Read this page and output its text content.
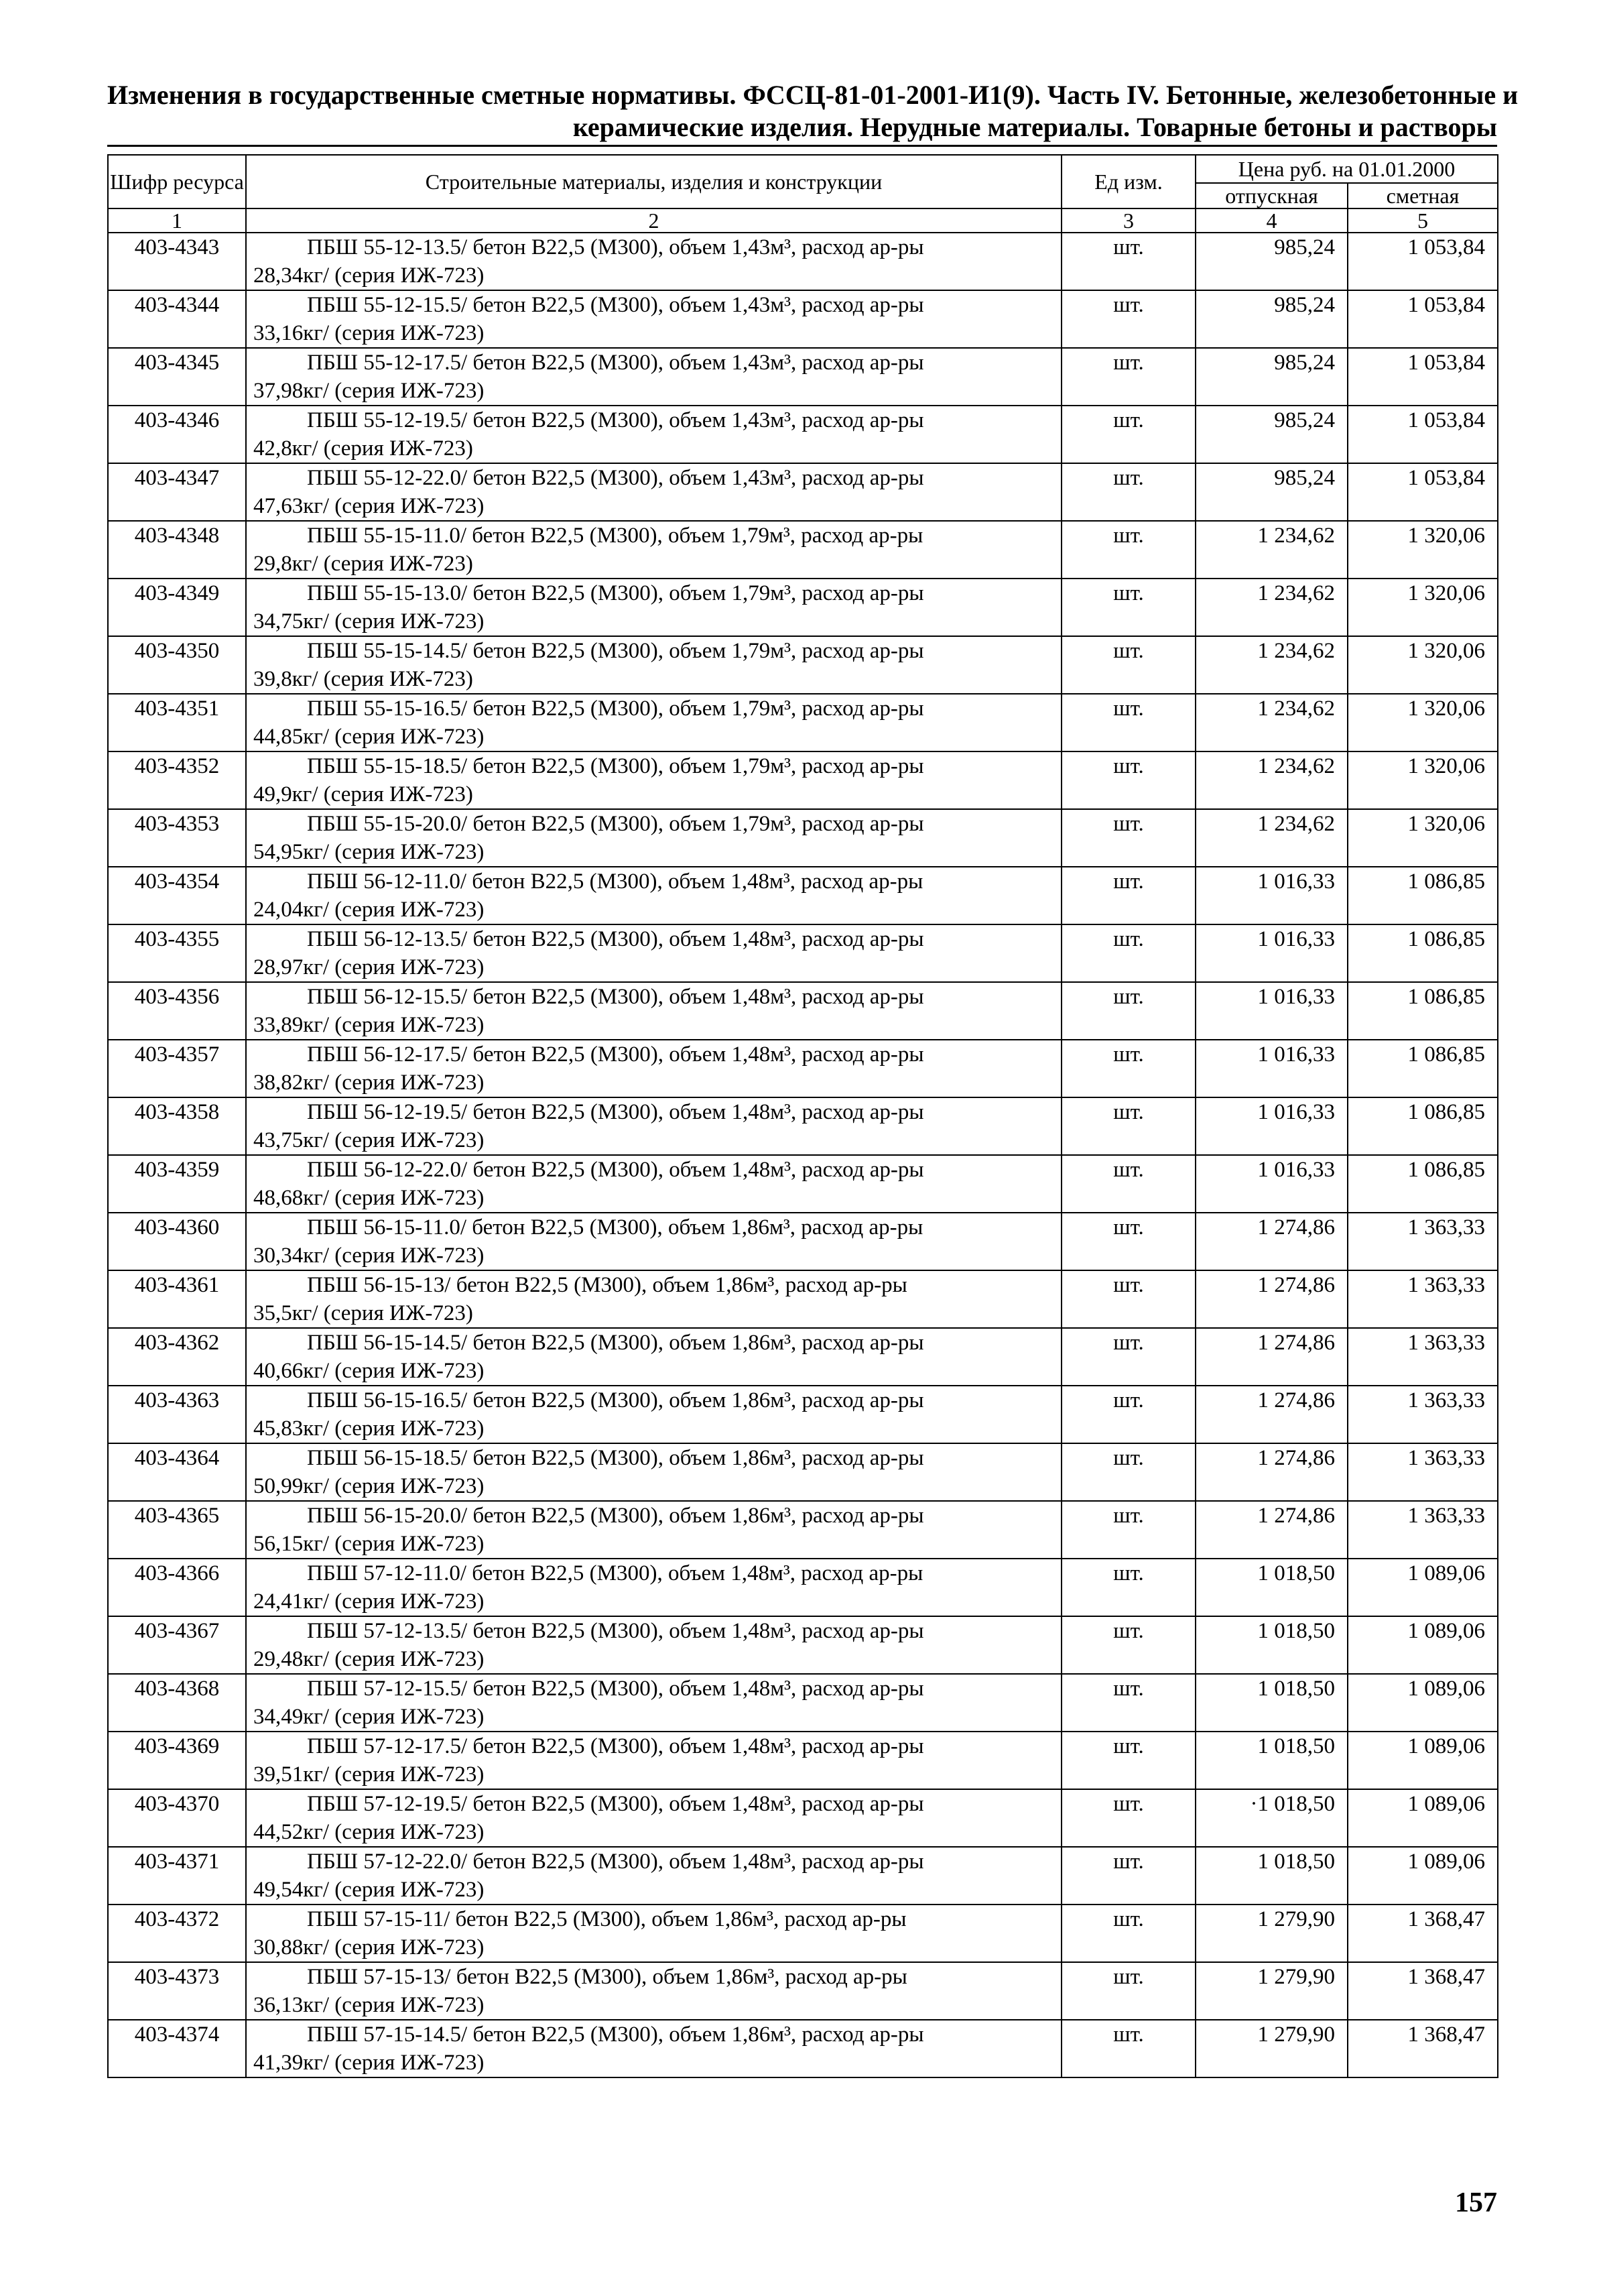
Изменения в государственные сметные нормативы. ФССЦ-81-01-2001-И1(9). Часть IV. Бетонные, железобетонные и
керамические изделия. Нерудные материалы. Товарные бетоны и растворы
Шифр ресурса	Строительные материалы, изделия и конструкции	Ед изм.	Цена руб. на 01.01.2000	
			отпускная	сметная
1	2	3	4	5
403-4343	ПБШ 55-12-13.5/ бетон В22,5 (М300), объем 1,43м³, расход ар-ры
28,34кг/ (серия ИЖ-723)	шт.	985,24	1 053,84
403-4344	ПБШ 55-12-15.5/ бетон В22,5 (М300), объем 1,43м³, расход ар-ры
33,16кг/ (серия ИЖ-723)	шт.	985,24	1 053,84
403-4345	ПБШ 55-12-17.5/ бетон В22,5 (М300), объем 1,43м³, расход ар-ры
37,98кг/ (серия ИЖ-723)	шт.	985,24	1 053,84
403-4346	ПБШ 55-12-19.5/ бетон В22,5 (М300), объем 1,43м³, расход ар-ры
42,8кг/ (серия ИЖ-723)	шт.	985,24	1 053,84
403-4347	ПБШ 55-12-22.0/ бетон В22,5 (М300), объем 1,43м³, расход ар-ры
47,63кг/ (серия ИЖ-723)	шт.	985,24	1 053,84
403-4348	ПБШ 55-15-11.0/ бетон В22,5 (М300), объем 1,79м³, расход ар-ры
29,8кг/ (серия ИЖ-723)	шт.	1 234,62	1 320,06
403-4349	ПБШ 55-15-13.0/ бетон В22,5 (М300), объем 1,79м³, расход ар-ры
34,75кг/ (серия ИЖ-723)	шт.	1 234,62	1 320,06
403-4350	ПБШ 55-15-14.5/ бетон В22,5 (М300), объем 1,79м³, расход ар-ры
39,8кг/ (серия ИЖ-723)	шт.	1 234,62	1 320,06
403-4351	ПБШ 55-15-16.5/ бетон В22,5 (М300), объем 1,79м³, расход ар-ры
44,85кг/ (серия ИЖ-723)	шт.	1 234,62	1 320,06
403-4352	ПБШ 55-15-18.5/ бетон В22,5 (М300), объем 1,79м³, расход ар-ры
49,9кг/ (серия ИЖ-723)	шт.	1 234,62	1 320,06
403-4353	ПБШ 55-15-20.0/ бетон В22,5 (М300), объем 1,79м³, расход ар-ры
54,95кг/ (серия ИЖ-723)	шт.	1 234,62	1 320,06
403-4354	ПБШ 56-12-11.0/ бетон В22,5 (М300), объем 1,48м³, расход ар-ры
24,04кг/ (серия ИЖ-723)	шт.	1 016,33	1 086,85
403-4355	ПБШ 56-12-13.5/ бетон В22,5 (М300), объем 1,48м³, расход ар-ры
28,97кг/ (серия ИЖ-723)	шт.	1 016,33	1 086,85
403-4356	ПБШ 56-12-15.5/ бетон В22,5 (М300), объем 1,48м³, расход ар-ры
33,89кг/ (серия ИЖ-723)	шт.	1 016,33	1 086,85
403-4357	ПБШ 56-12-17.5/ бетон В22,5 (М300), объем 1,48м³, расход ар-ры
38,82кг/ (серия ИЖ-723)	шт.	1 016,33	1 086,85
403-4358	ПБШ 56-12-19.5/ бетон В22,5 (М300), объем 1,48м³, расход ар-ры
43,75кг/ (серия ИЖ-723)	шт.	1 016,33	1 086,85
403-4359	ПБШ 56-12-22.0/ бетон В22,5 (М300), объем 1,48м³, расход ар-ры
48,68кг/ (серия ИЖ-723)	шт.	1 016,33	1 086,85
403-4360	ПБШ 56-15-11.0/ бетон В22,5 (М300), объем 1,86м³, расход ар-ры
30,34кг/ (серия ИЖ-723)	шт.	1 274,86	1 363,33
403-4361	ПБШ 56-15-13/ бетон В22,5 (М300), объем 1,86м³, расход ар-ры
35,5кг/ (серия ИЖ-723)	шт.	1 274,86	1 363,33
403-4362	ПБШ 56-15-14.5/ бетон В22,5 (М300), объем 1,86м³, расход ар-ры
40,66кг/ (серия ИЖ-723)	шт.	1 274,86	1 363,33
403-4363	ПБШ 56-15-16.5/ бетон В22,5 (М300), объем 1,86м³, расход ар-ры
45,83кг/ (серия ИЖ-723)	шт.	1 274,86	1 363,33
403-4364	ПБШ 56-15-18.5/ бетон В22,5 (М300), объем 1,86м³, расход ар-ры
50,99кг/ (серия ИЖ-723)	шт.	1 274,86	1 363,33
403-4365	ПБШ 56-15-20.0/ бетон В22,5 (М300), объем 1,86м³, расход ар-ры
56,15кг/ (серия ИЖ-723)	шт.	1 274,86	1 363,33
403-4366	ПБШ 57-12-11.0/ бетон В22,5 (М300), объем 1,48м³, расход ар-ры
24,41кг/ (серия ИЖ-723)	шт.	1 018,50	1 089,06
403-4367	ПБШ 57-12-13.5/ бетон В22,5 (М300), объем 1,48м³, расход ар-ры
29,48кг/ (серия ИЖ-723)	шт.	1 018,50	1 089,06
403-4368	ПБШ 57-12-15.5/ бетон В22,5 (М300), объем 1,48м³, расход ар-ры
34,49кг/ (серия ИЖ-723)	шт.	1 018,50	1 089,06
403-4369	ПБШ 57-12-17.5/ бетон В22,5 (М300), объем 1,48м³, расход ар-ры
39,51кг/ (серия ИЖ-723)	шт.	1 018,50	1 089,06
403-4370	ПБШ 57-12-19.5/ бетон В22,5 (М300), объем 1,48м³, расход ар-ры
44,52кг/ (серия ИЖ-723)	шт.	·1 018,50	1 089,06
403-4371	ПБШ 57-12-22.0/ бетон В22,5 (М300), объем 1,48м³, расход ар-ры
49,54кг/ (серия ИЖ-723)	шт.	1 018,50	1 089,06
403-4372	ПБШ 57-15-11/ бетон В22,5 (М300), объем 1,86м³, расход ар-ры
30,88кг/ (серия ИЖ-723)	шт.	1 279,90	1 368,47
403-4373	ПБШ 57-15-13/ бетон В22,5 (М300), объем 1,86м³, расход ар-ры
36,13кг/ (серия ИЖ-723)	шт.	1 279,90	1 368,47
403-4374	ПБШ 57-15-14.5/ бетон В22,5 (М300), объем 1,86м³, расход ар-ры
41,39кг/ (серия ИЖ-723)	шт.	1 279,90	1 368,47
157
